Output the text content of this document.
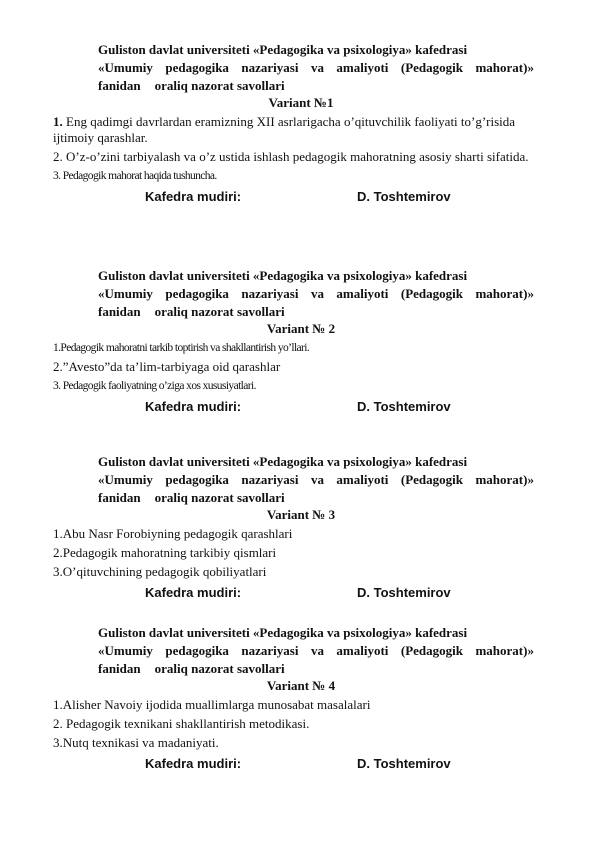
Guliston davlat universiteti «Pedagogika va psixologiya» kafedrasi
«Umumiy pedagogika nazariyasi va amaliyoti (Pedagogik mahorat)»
fanidan oraliq nazorat savollari
Variant №1
1. Eng qadimgi davrlardan eramizning XII asrlarigacha o’qituvchilik faoliyati to’g’risida ijtimoiy qarashlar.
2. O’z-o’zini tarbiyalash va o’z ustida ishlash pedagogik mahoratning asosiy sharti sifatida.
3. Pedagogik mahorat haqida tushuncha.
Kafedra mudiri:	D. Toshtemirov
Guliston davlat universiteti «Pedagogika va psixologiya» kafedrasi
«Umumiy pedagogika nazariyasi va amaliyoti (Pedagogik mahorat)»
fanidan oraliq nazorat savollari
Variant № 2
1.Pedagogik mahoratni tarkib toptirish va shakllantirish yo’llari.
2.”Avesto”da ta’lim-tarbiyaga oid qarashlar
3. Pedagogik faoliyatning o’ziga xos xususiyatlari.
Kafedra mudiri:	D. Toshtemirov
Guliston davlat universiteti «Pedagogika va psixologiya» kafedrasi
«Umumiy pedagogika nazariyasi va amaliyoti (Pedagogik mahorat)»
fanidan oraliq nazorat savollari
Variant № 3
1.Abu Nasr Forobiyning pedagogik qarashlari
2.Pedagogik mahoratning tarkibiy qismlari
3.O’qituvchining pedagogik qobiliyatlari
Kafedra mudiri:	D. Toshtemirov
Guliston davlat universiteti «Pedagogika va psixologiya» kafedrasi
«Umumiy pedagogika nazariyasi va amaliyoti (Pedagogik mahorat)»
fanidan oraliq nazorat savollari
Variant № 4
1.Alisher Navoiy ijodida muallimlarga munosabat masalalari
2. Pedagogik texnikani shakllantirish metodikasi.
3.Nutq texnikasi va madaniyati.
Kafedra mudiri:	D. Toshtemirov
